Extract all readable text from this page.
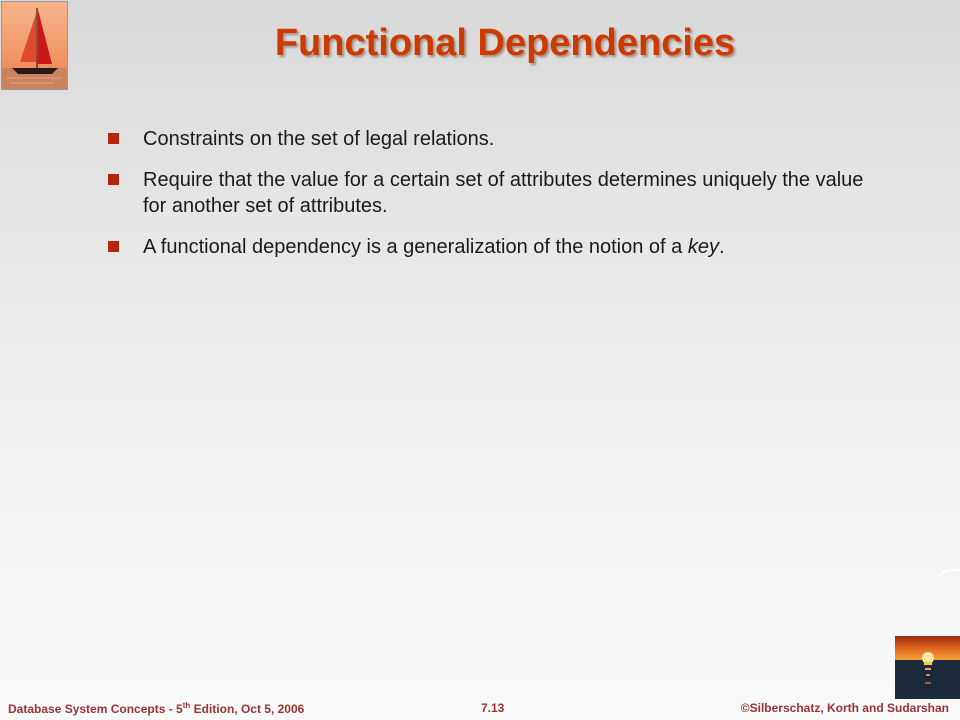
Functional Dependencies
Constraints on the set of legal relations.
Require that the value for a certain set of attributes determines uniquely the value for another set of attributes.
A functional dependency is a generalization of the notion of a key.
Database System Concepts - 5th Edition, Oct 5, 2006	7.13	©Silberschatz, Korth and Sudarshan
